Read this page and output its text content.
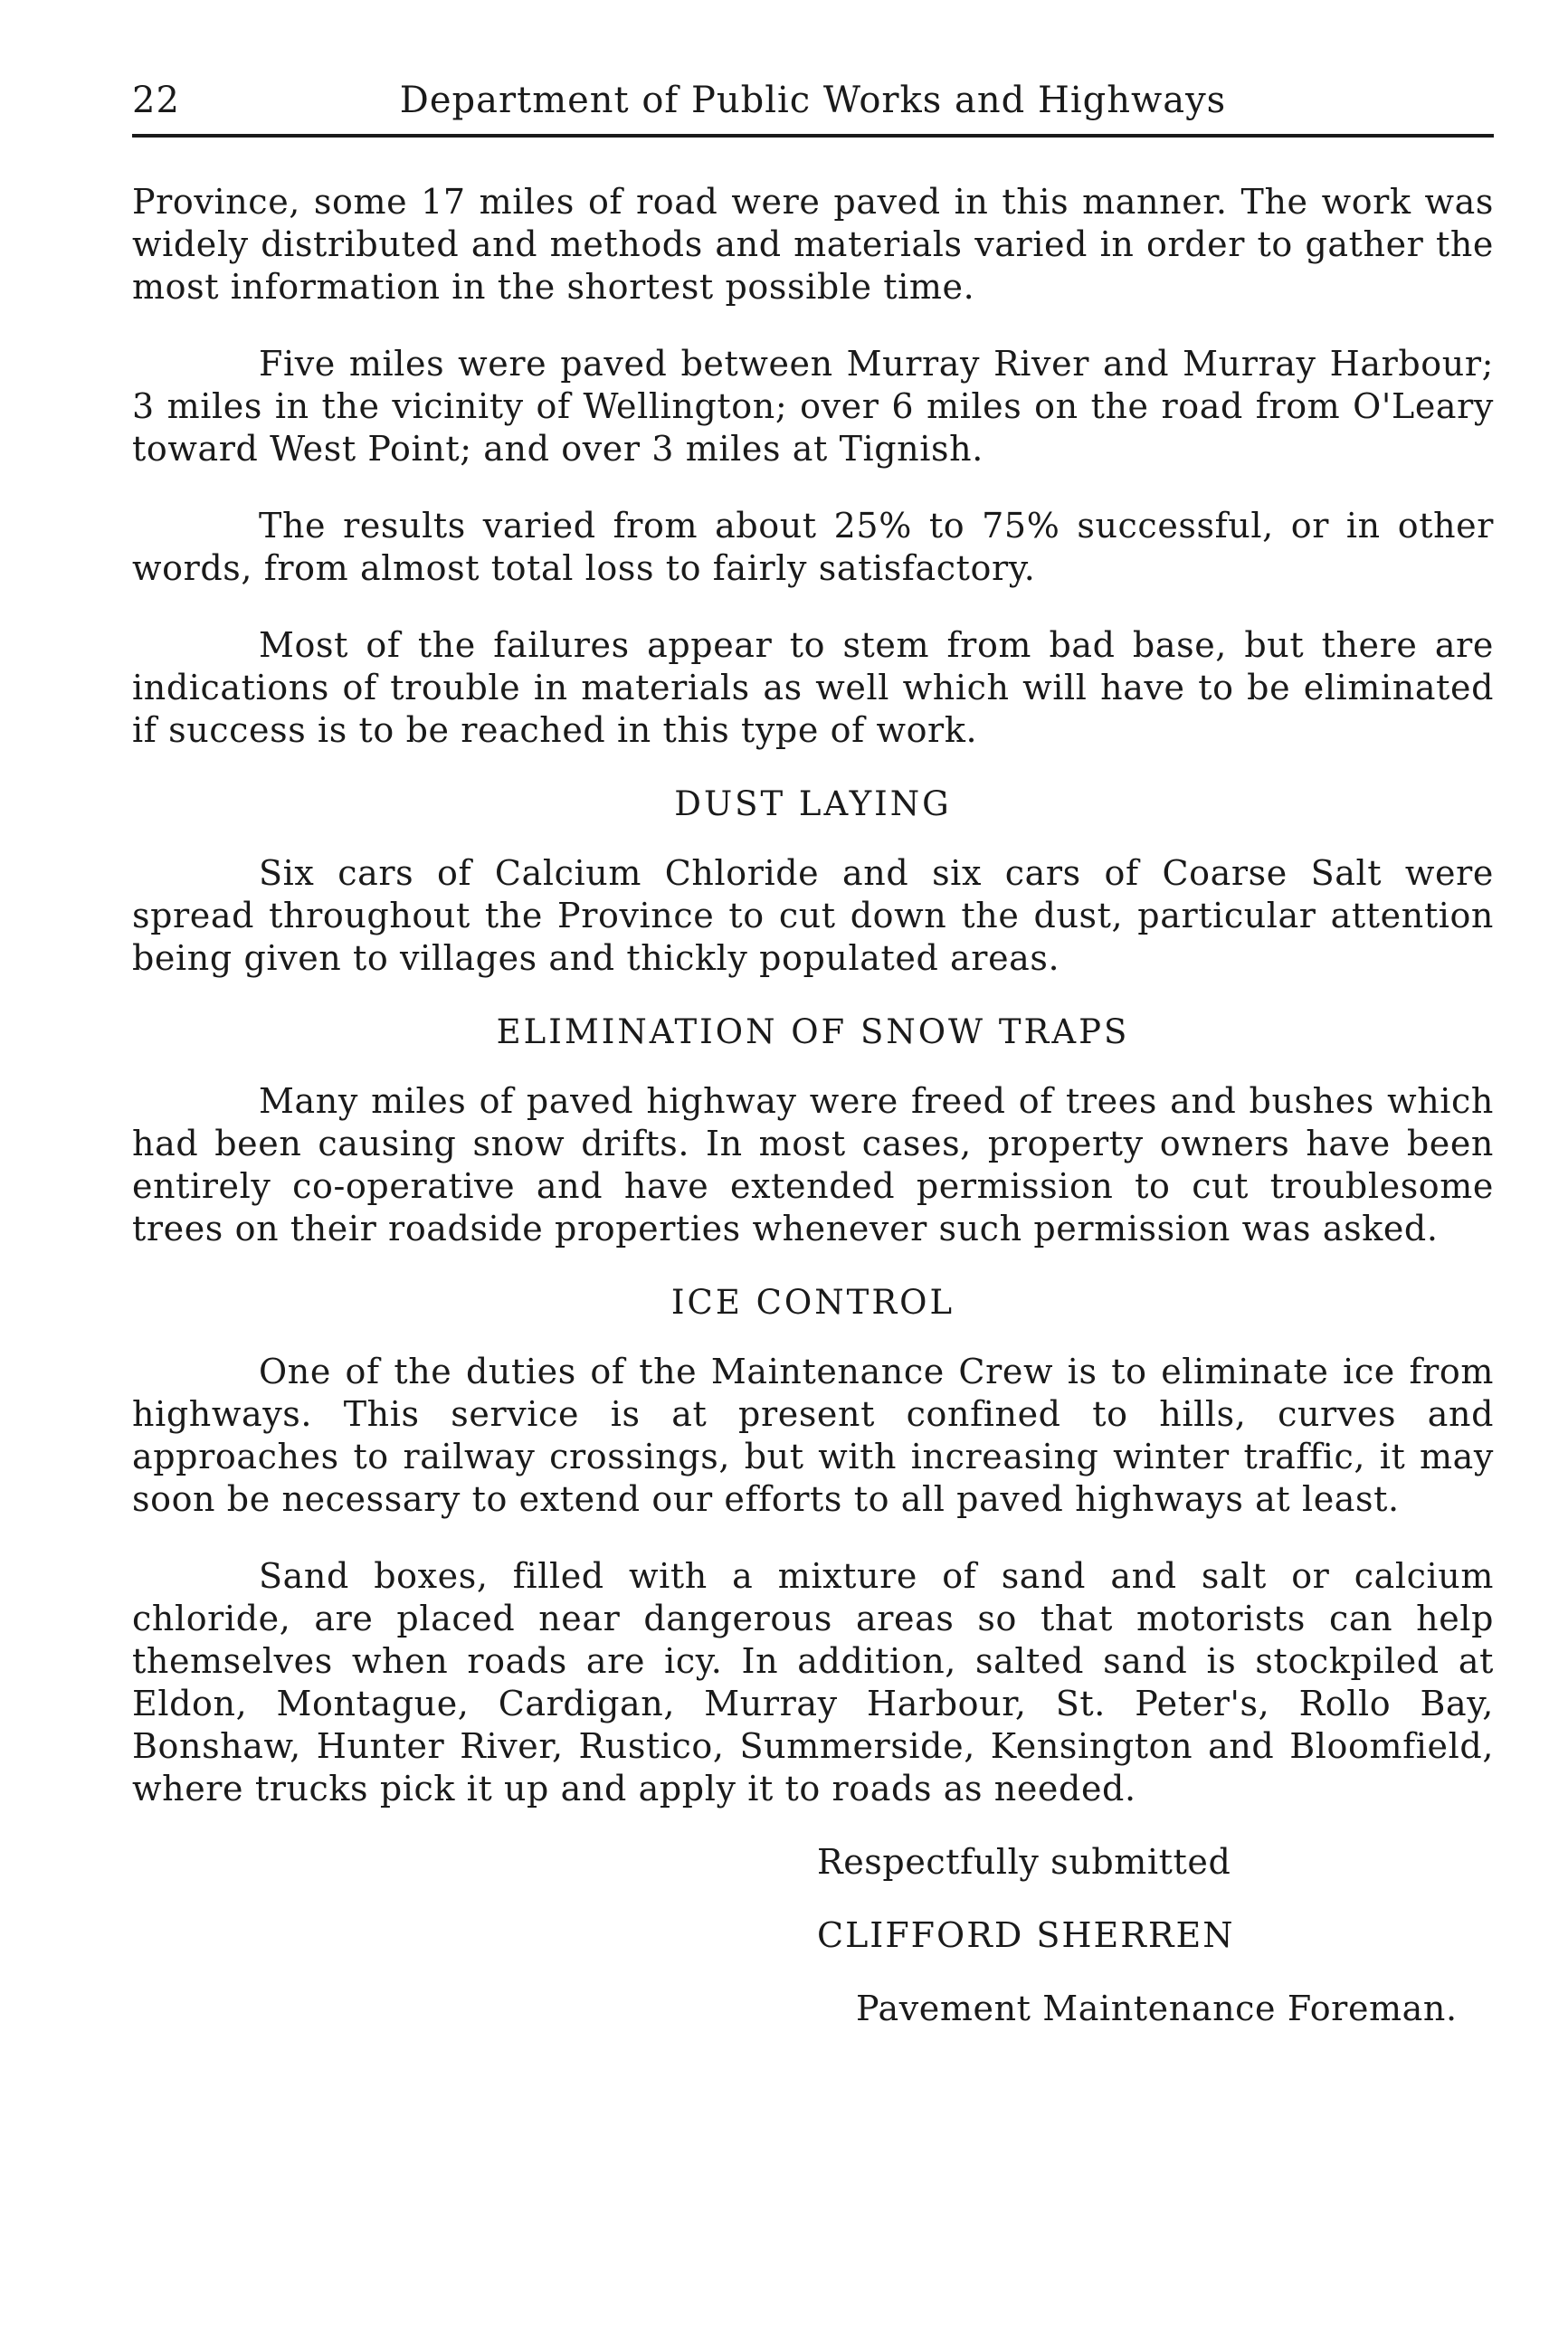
22	Department of Public Works and Highways

Province, some 17 miles of road were paved in this manner. The work was widely distributed and methods and materials varied in order to gather the most information in the shortest possible time.

Five miles were paved between Murray River and Murray Harbour; 3 miles in the vicinity of Wellington; over 6 miles on the road from O'Leary toward West Point; and over 3 miles at Tignish.

The results varied from about 25% to 75% successful, or in other words, from almost total loss to fairly satisfactory.

Most of the failures appear to stem from bad base, but there are indications of trouble in materials as well which will have to be eliminated if success is to be reached in this type of work.

DUST LAYING

Six cars of Calcium Chloride and six cars of Coarse Salt were spread throughout the Province to cut down the dust, particular attention being given to villages and thickly populated areas.

ELIMINATION OF SNOW TRAPS

Many miles of paved highway were freed of trees and bushes which had been causing snow drifts. In most cases, property owners have been entirely co-operative and have extended permission to cut troublesome trees on their roadside properties whenever such permission was asked.

ICE CONTROL

One of the duties of the Maintenance Crew is to eliminate ice from highways. This service is at present confined to hills, curves and approaches to railway crossings, but with increasing winter traffic, it may soon be necessary to extend our efforts to all paved highways at least.

Sand boxes, filled with a mixture of sand and salt or calcium chloride, are placed near dangerous areas so that motorists can help themselves when roads are icy. In addition, salted sand is stockpiled at Eldon, Montague, Cardigan, Murray Harbour, St. Peter's, Rollo Bay, Bonshaw, Hunter River, Rustico, Summerside, Kensington and Bloomfield, where trucks pick it up and apply it to roads as needed.

Respectfully submitted
CLIFFORD SHERREN
Pavement Maintenance Foreman.
